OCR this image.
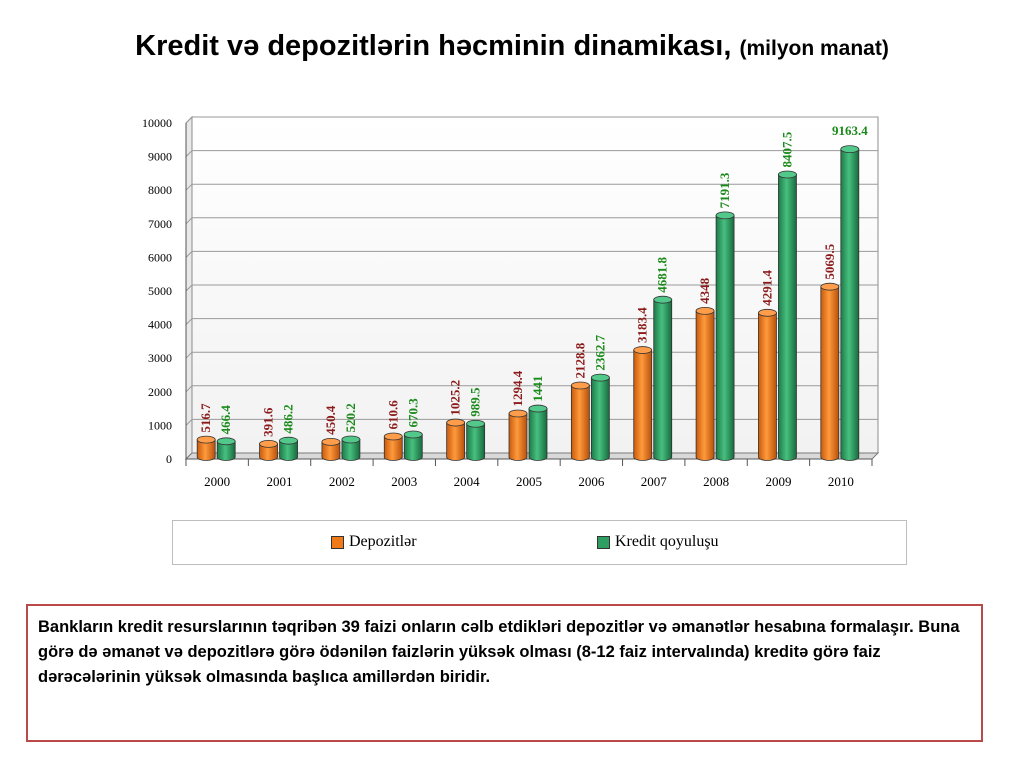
Kredit və depozitlərin həcminin dinamikası, (milyon manat)
0
1000
2000
3000
4000
5000
6000
7000
8000
9000
10000
2000
516.7 466.4
2001
391.6 486.2
2002
450.4 520.2
2003
610.6 670.3
2004
1025.2 989.5
2005
1294.4 1441
2006
2128.8 2362.7
2007
3183.4
4681.8
2008
4348
7191.3
2009
4291.4
8407.5
2010
5069.5
9163.4
Depozitlər	Kredit qoyuluşu
Bankların kredit resurslarının təqribən 39 faizi onların cəlb etdikləri depozitlər və əmanətlər hesabına formalaşır. Buna görə də əmanət və depozitlərə görə ödənilən faizlərin yüksək olması (8-12 faiz intervalında) kreditə görə faiz dərəcələrinin yüksək olmasında başlıca amillərdən biridir.
